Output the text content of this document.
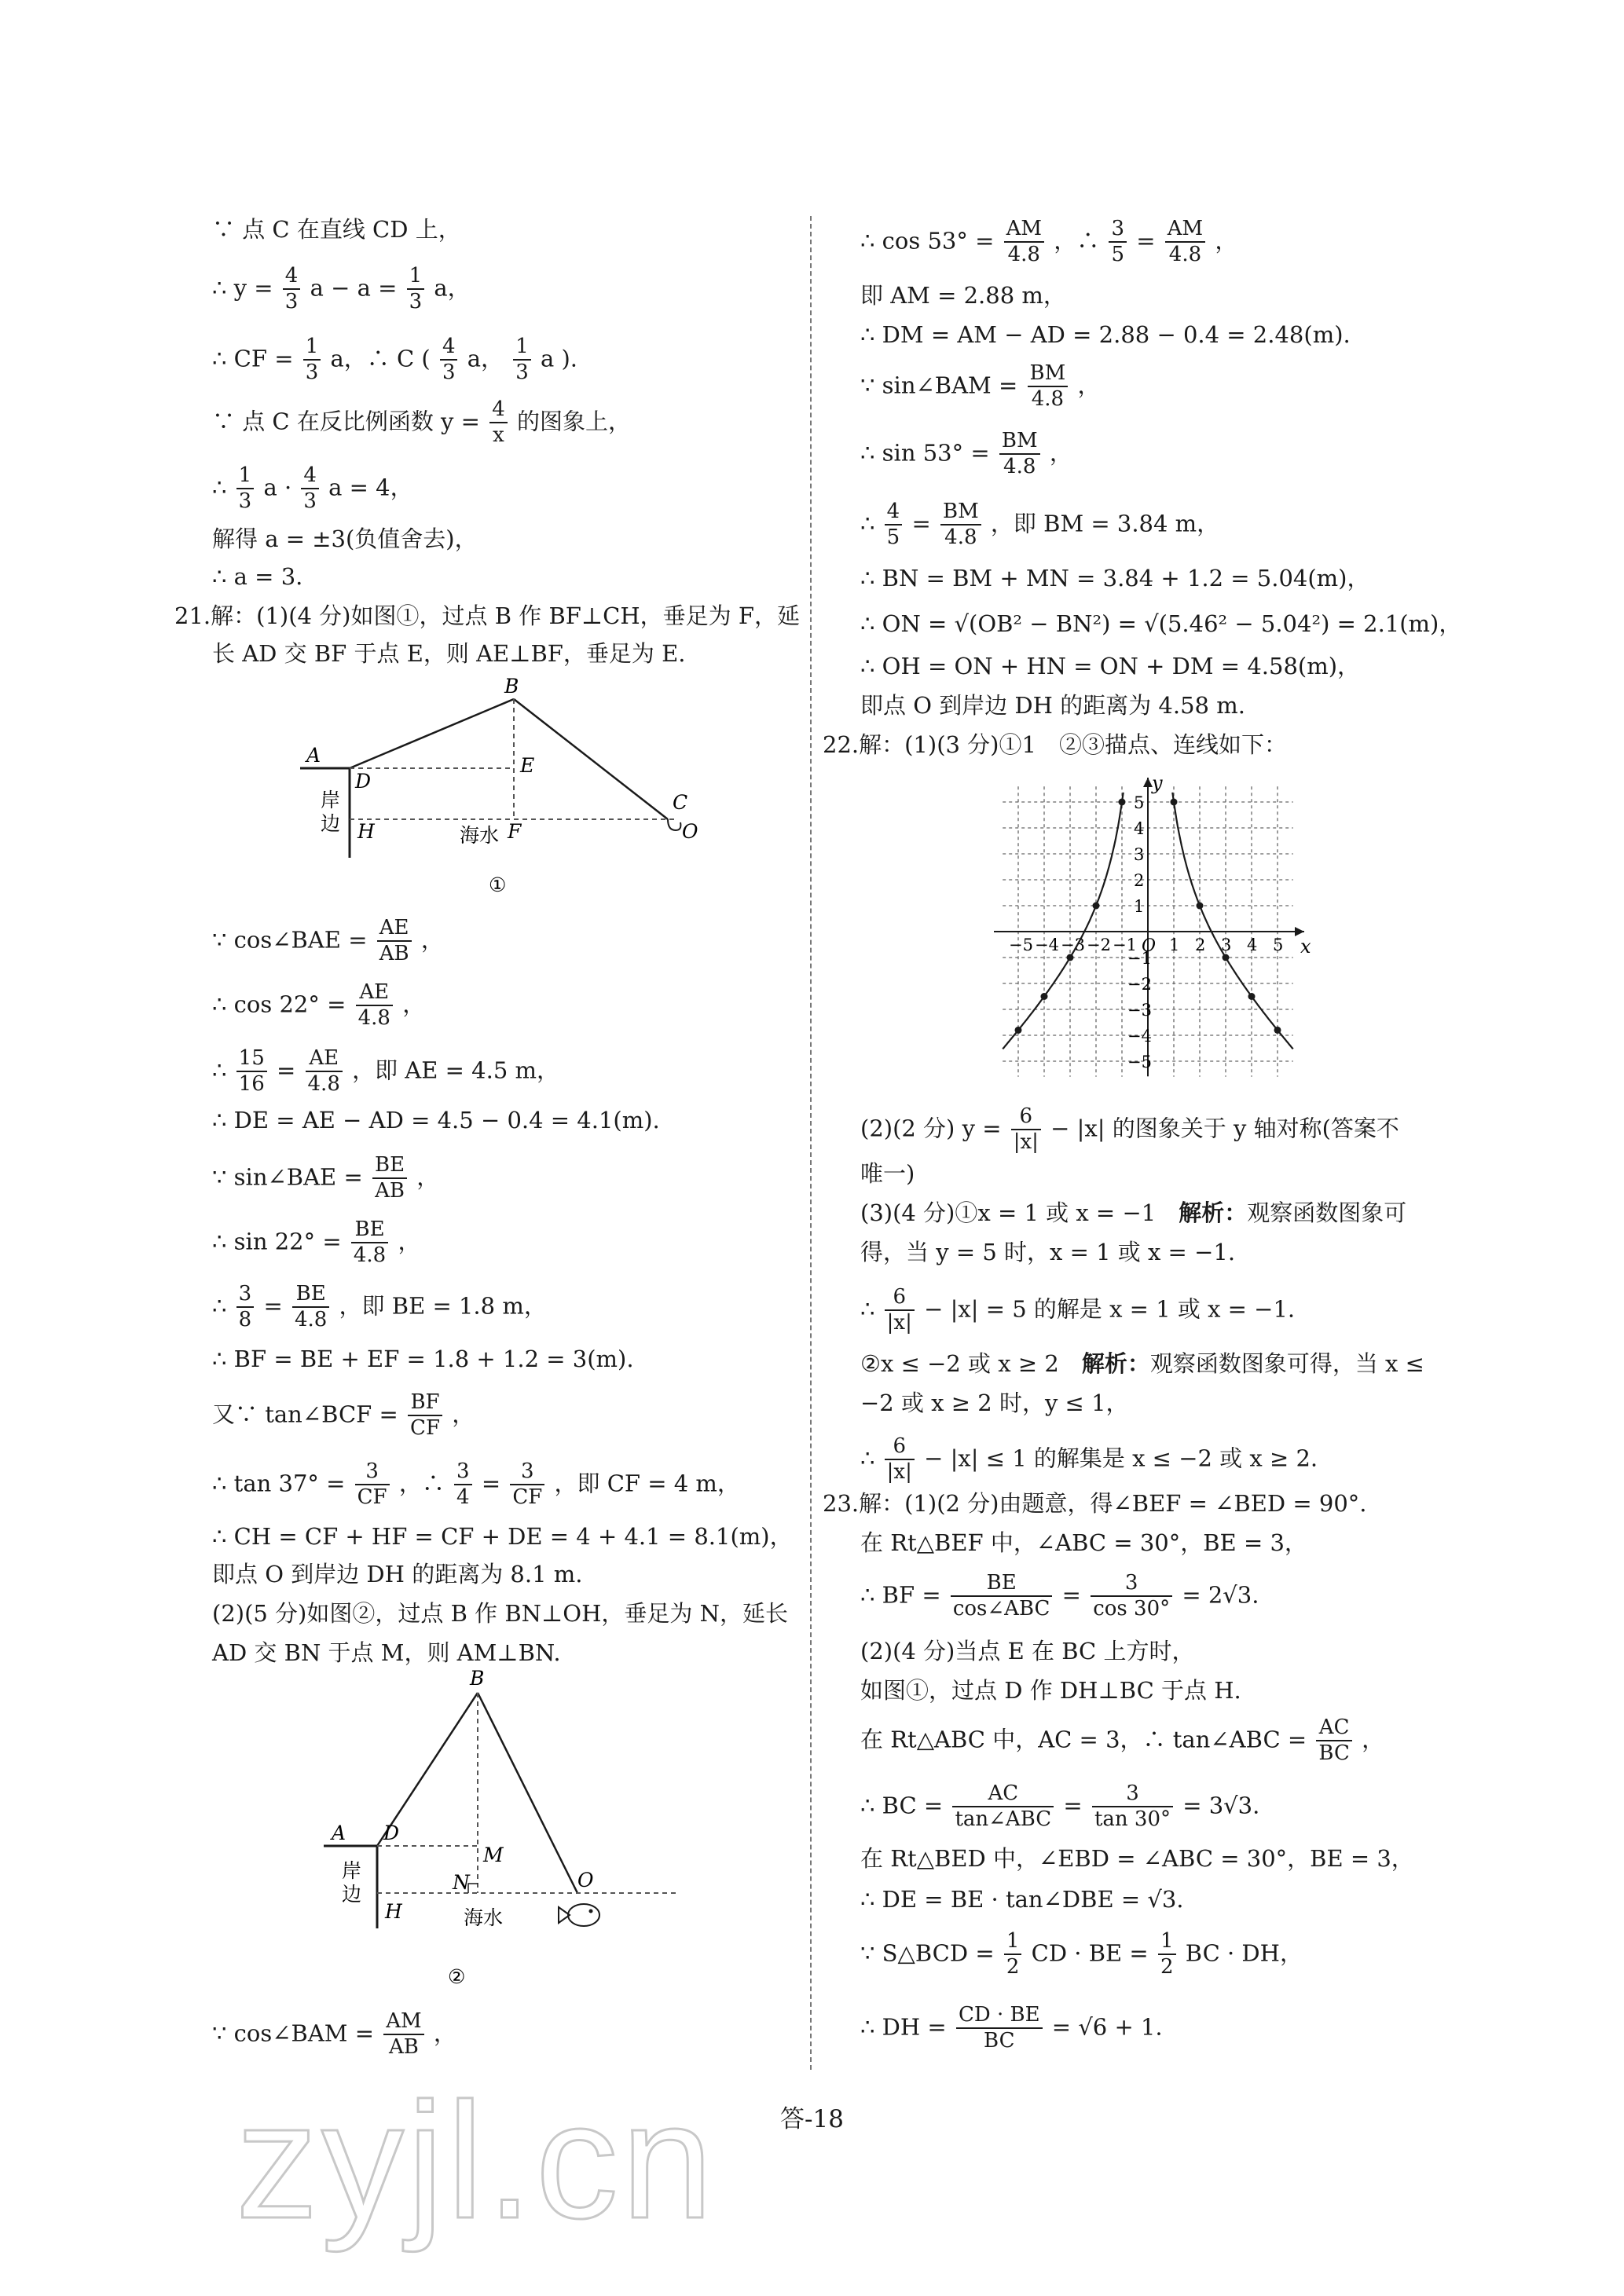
∵ 点 C 在直线 CD 上，
∴ $y = \frac{4}{3}$ $a - a = \frac{1}{3}$ a，
∴ CF = $\frac{1}{3}$ a，∴ C ( $\frac{4}{3}$ a， $\frac{1}{3}$ a ).
∵ 点 C 在反比例函数 $y = \frac{4}{x}$ 的图象上，
∴ $\frac{1}{3}$ $a \cdot \frac{4}{3}$ a = 4，
解得 a = ±3(负值舍去)，
∴ a = 3.
21.解：(1)(4 分)如图①，过点 B 作 BF⊥CH，垂足为 F，延
长 AD 交 BF 于点 E，则 AE⊥BF，垂足为 E.
A
B
C
D
E
F
H	O
岸
边
海水
①
∵ cos∠BAE = $\frac{AE}{AB}$ ，
∴ $\cos 22^\circ = \frac{AE}{4.8}$ ，
∴ $\frac{15}{16} = \frac{AE}{4.8}$ ，即 AE = 4.5 m，
∴ DE = AE − AD = 4.5 − 0.4 = 4.1(m).
∵ sin∠BAE = $\frac{BE}{AB}$ ，
∴ $\sin 22^\circ = \frac{BE}{4.8}$ ，
∴ $\frac{3}{8} = \frac{BE}{4.8}$ ，即 BE = 1.8 m，
∴ BF = BE + EF = 1.8 + 1.2 = 3(m).
又∵ tan∠BCF = $\frac{BF}{CF}$ ，
∴ $\tan 37^\circ = \frac{3}{CF}$ ，∴ $\frac{3}{4} = \frac{3}{CF}$ ，即 CF = 4 m，
∴ CH = CF + HF = CF + DE = 4 + 4.1 = 8.1(m)，
即点 O 到岸边 DH 的距离为 8.1 m.
(2)(5 分)如图②，过点 B 作 BN⊥OH，垂足为 N，延长
AD 交 BN 于点 M，则 AM⊥BN.
A
B
D
H
M
N	O
岸
边
海水
②
∵ cos∠BAM = $\frac{AM}{AB}$ ，
∴ $\cos 53^\circ = \frac{AM}{4.8}$ ，∴ $\frac{3}{5} = \frac{AM}{4.8}$ ，
即 AM = 2.88 m，
∴ DM = AM − AD = 2.88 − 0.4 = 2.48(m).
∵ sin∠BAM = $\frac{BM}{4.8}$ ，
∴ $\sin 53^\circ = \frac{BM}{4.8}$ ，
∴ $\frac{4}{5} = \frac{BM}{4.8}$ ，即 BM = 3.84 m，
∴ BN = BM + MN = 3.84 + 1.2 = 5.04(m)，
∴ ON = √(OB² − BN²) = √(5.46² − 5.04²) = 2.1(m)，
∴ OH = ON + HN = ON + DM = 4.58(m)，
即点 O 到岸边 DH 的距离为 4.58 m.
22.解：(1)(3 分)①1　②③描点、连线如下：
y
x
O
−5 −4 −3 −2 −1 1 2 3 4 5
5
4
3
2
1
−1
−2
−3
−4
−5
(2)(2 分) $y = \frac{6}{|x|} - |x|$ 的图象关于 y 轴对称(答案不
唯一)
(3)(4 分)①x = 1 或 x = −1　解析：观察函数图象可
得，当 y = 5 时，x = 1 或 x = −1.
∴ $\frac{6}{|x|} - |x| = 5$ 的解是 x = 1 或 x = −1.
②x ≤ −2 或 x ≥ 2　解析：观察函数图象可得，当 x ≤
−2 或 x ≥ 2 时，y ≤ 1，
∴ $\frac{6}{|x|} - |x| \le 1$ 的解集是 x ≤ −2 或 x ≥ 2.
23.解：(1)(2 分)由题意，得∠BEF = ∠BED = 90°.
在 Rt△BEF 中，∠ABC = 30°，BE = 3，
∴ BF =	BE
cos∠ABC
= $\frac{3}{\cos 30^\circ} = 2√3$.
(2)(4 分)当点 E 在 BC 上方时，
如图①，过点 D 作 DH⊥BC 于点 H.
在 Rt△ABC 中，AC = 3，∴ tan∠ABC = $\frac{AC}{BC}$ ，
∴ BC =	AC
tan∠ABC
= $\frac{3}{\tan 30^\circ} = 3√3$.
在 Rt△BED 中，∠EBD = ∠ABC = 30°，BE = 3，
∴ DE = BE · tan∠DBE = √3.
∵ S△BCD = $\frac{1}{2}$ CD · BE = $\frac{1}{2}$ BC · DH，
∴ DH = $\frac{CD \cdot BE}{BC} = √6 + 1$.
答-18
zyjl.cn
